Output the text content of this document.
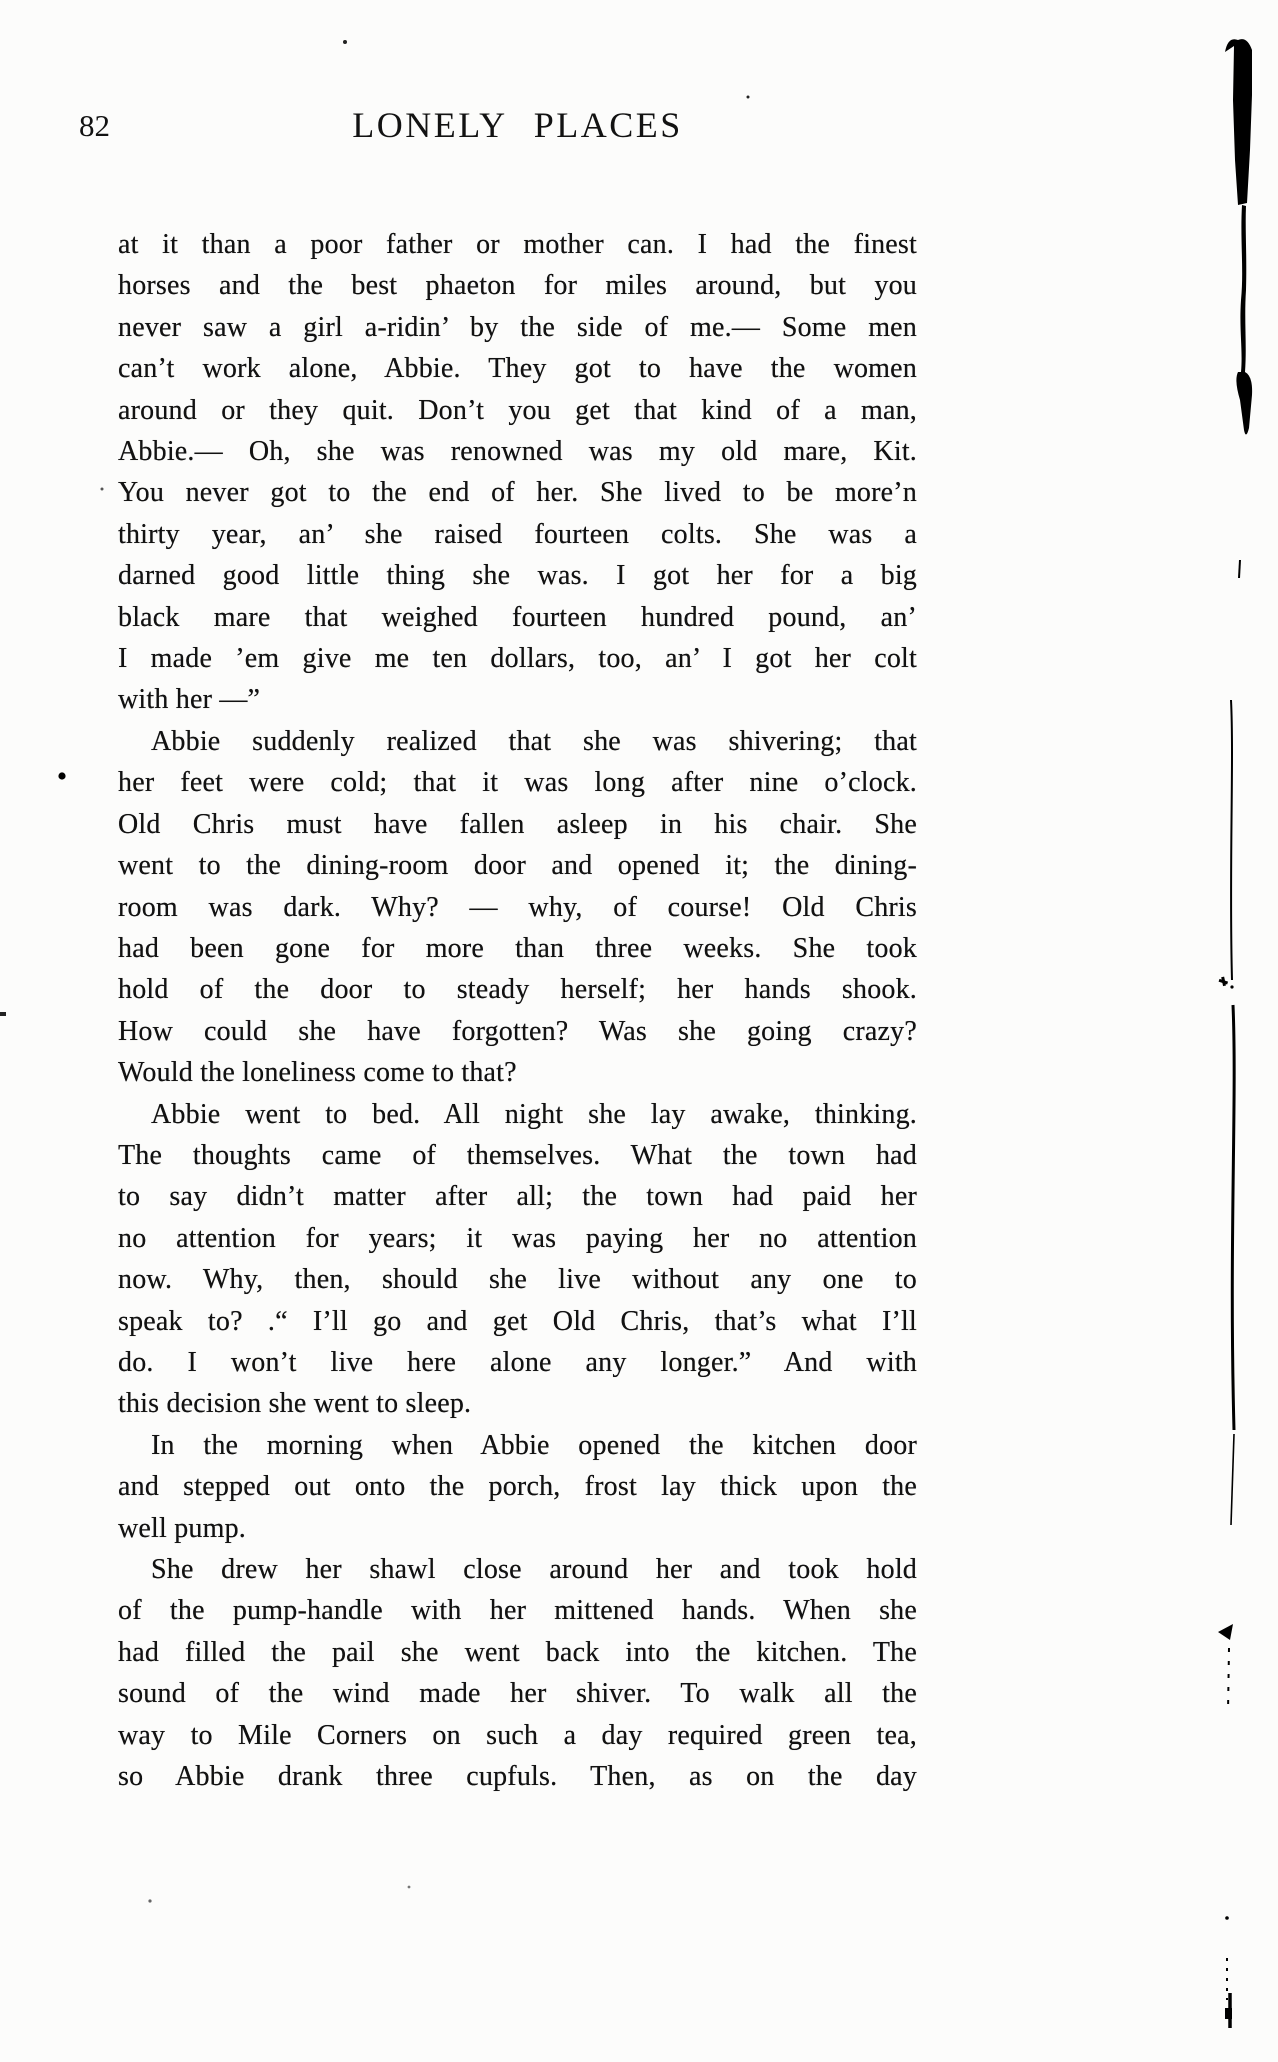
82	LONELY PLACES
at it than a poor father or mother can. I had the finest
horses and the best phaeton for miles around, but you
never saw a girl a-ridin’ by the side of me.— Some men
can’t work alone, Abbie. They got to have the women
around or they quit. Don’t you get that kind of a man,
Abbie.— Oh, she was renowned was my old mare, Kit.
You never got to the end of her. She lived to be more’n
thirty year, an’ she raised fourteen colts. She was a
darned good little thing she was. I got her for a big
black mare that weighed fourteen hundred pound, an’
I made ’em give me ten dollars, too, an’ I got her colt
with her —”
Abbie suddenly realized that she was shivering; that
her feet were cold; that it was long after nine o’clock.
Old Chris must have fallen asleep in his chair. She
went to the dining-room door and opened it; the dining-
room was dark. Why? — why, of course! Old Chris
had been gone for more than three weeks. She took
hold of the door to steady herself; her hands shook.
How could she have forgotten? Was she going crazy?
Would the loneliness come to that?
Abbie went to bed. All night she lay awake, thinking.
The thoughts came of themselves. What the town had
to say didn’t matter after all; the town had paid her
no attention for years; it was paying her no attention
now. Why, then, should she live without any one to
speak to? .“ I’ll go and get Old Chris, that’s what I’ll
do. I won’t live here alone any longer.” And with
this decision she went to sleep.
In the morning when Abbie opened the kitchen door
and stepped out onto the porch, frost lay thick upon the
well pump.
She drew her shawl close around her and took hold
of the pump-handle with her mittened hands. When she
had filled the pail she went back into the kitchen. The
sound of the wind made her shiver. To walk all the
way to Mile Corners on such a day required green tea,
so Abbie drank three cupfuls. Then, as on the day
